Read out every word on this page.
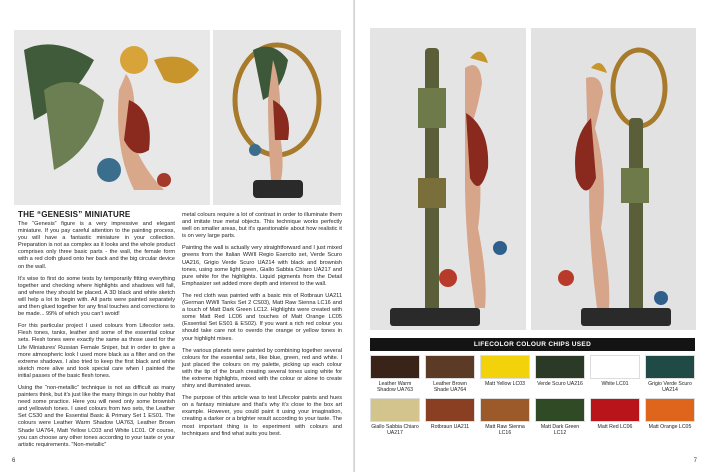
THE “GENESIS” MINIATURE

The “Genesis” figure is a very impressive and elegant miniature. If you pay careful attention to the painting process, you will have a fantastic miniature in your collection. Preparation is not as complex as it looks and the whole product comprises only three basic parts - the wall, the female form with a red cloth glued onto her back and the big circular device on the wall.

It’s wise to first do some tests by temporarily fitting everything together and checking where highlights and shadows will fall, and where they should be placed. A 3D black and white sketch will help a lot to begin with. All parts were painted separately and then glued together for any final touches and corrections to be made... 99% of which you can’t avoid!

For this particular project I used colours from Lifecolor sets. Flesh tones, tanks, leather and some of the essential colour sets. Flesh tones were exactly the same as those used for the Life Miniatures’ Russian Female Sniper, but in order to give a more atmospheric look I used more black as a filter and on the extreme shadows. I also tried to keep the first black and white sketch more alive and took special care when I painted the initial passes of the basic flesh tones.

Using the “non-metallic” technique is not as difficult as many painters think, but it’s just like the many things in our hobby that need some practice. Here you will need only some brownish and yellowish tones. I used colours from two sets, the Leather Set CS30 and the Essential Basic & Primary Set 1 ES01. The colours were Leather Warm Shadow UA763, Leather Brown Shade UA764, Matt Yellow LC03 and White LC01. Of course, you can choose any other tones according to your taste or your artistic requirements. “Non-metallic”

metal colours require a lot of contrast in order to illuminate them and imitate true metal objects. This technique works perfectly well on smaller areas, but it’s questionable about how realistic it is on very large parts.

Painting the wall is actually very straightforward and I just mixed greens from the Italian WWII Regio Esercito set, Verde Scuro UA216, Grigio Verde Scuro UA214 with black and brownish tones, using some light green, Giallo Sabbia Chiaro UA217 and pure white for the highlights. Liquid pigments from the Detail Emphasizer set added more depth and interest to the wall.

The red cloth was painted with a basic mix of Rotbraun UA211 (German WWII Tanks Set 2 CS03), Matt Raw Sienna LC16 and a touch of Matt Dark Green LC12. Highlights were created with some Matt Red LC06 and touches of Matt Orange LC05 (Essential Set ES01 & ES02). If you want a rich red colour you should take care not to overdo the orange or yellow tones in your highlight mixes.

The various planets were painted by combining together several colours for the essential sets, like blue, green, red and white. I just placed the colours on my palette, picking up each colour with the tip of the brush creating several tones using white for the extreme highlights, mixed with the colour or alone to create shiny and illuminated areas.

The purpose of this article was to test Lifecolor paints and hues on a fantasy miniature and that’s why it’s close to the box art example. However, you could paint it using your imagination, creating a darker or a brighter result according to your taste. The most important thing is to experiment with colours and techniques and find what suits you best.

6	7
LIFECOLOR COLOUR CHIPS USED
Leather Warm Shadow UA763
Leather Brown Shade UA764
Matt Yellow LC03	Verde Scuro UA216	White LC01	Grigio Verde Scuro UA214
Giallo Sabbia Chiaro UA217
Rotbraun UA211	Matt Raw Sienna LC16
Matt Dark Green LC12
Matt Red LC06	Matt Orange LC05
